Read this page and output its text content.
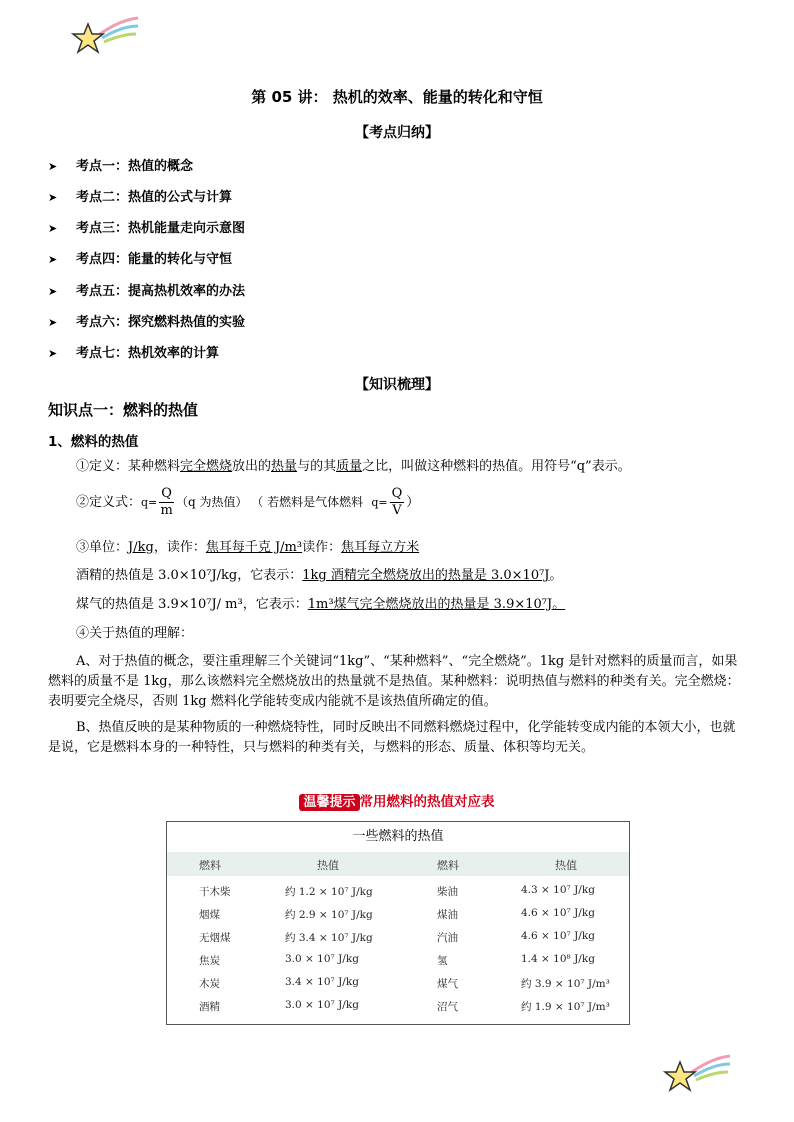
第 05 讲： 热机的效率、能量的转化和守恒
【考点归纳】
➤ 考点一：热值的概念
➤ 考点二：热值的公式与计算
➤ 考点三：热机能量走向示意图
➤ 考点四：能量的转化与守恒
➤ 考点五：提高热机效率的办法
➤ 考点六：探究燃料热值的实验
➤ 考点七：热机效率的计算
【知识梳理】
知识点一：燃料的热值
1、燃料的热值
①定义：某种燃料完全燃烧放出的热量与的其质量之比，叫做这种燃料的热值。用符号“q”表示。
②定义式：$q= \frac{Q}{m} (q$ 为热值） （ 若燃料是气体燃料 $q= \frac{Q}{V}$ ）
③单位：J/kg，读作：焦耳每千克 J/m³读作：焦耳每立方米
酒精的热值是 3.0×10⁷J/kg，它表示：1kg 酒精完全燃烧放出的热量是 3.0×10⁷J。
煤气的热值是 3.9×10⁷J/ m³，它表示：1m³煤气完全燃烧放出的热量是 3.9×10⁷J。
④关于热值的理解：
A、对于热值的概念，要注重理解三个关键词“1kg”、“某种燃料”、“完全燃烧”。1kg 是针对燃料的质量而言，如果燃料的质量不是 1kg，那么该燃料完全燃烧放出的热量就不是热值。某种燃料：说明热值与燃料的种类有关。完全燃烧：表明要完全烧尽，否则 1kg 燃料化学能转变成内能就不是该热值所确定的值。
B、热值反映的是某种物质的一种燃烧特性，同时反映出不同燃料燃烧过程中，化学能转变成内能的本领大小，也就是说，它是燃料本身的一种特性，只与燃料的种类有关，与燃料的形态、质量、体积等均无关。
温馨提示 常用燃料的热值对应表
一些燃料的热值
燃料	热值	燃料	热值
干木柴	约 1.2 × 10⁷ J/kg	柴油	4.3 × 10⁷ J/kg
烟煤	约 2.9 × 10⁷ J/kg	煤油	4.6 × 10⁷ J/kg
无烟煤	约 3.4 × 10⁷ J/kg	汽油	4.6 × 10⁷ J/kg
焦炭	3.0 × 10⁷ J/kg	氢	1.4 × 10⁸ J/kg
木炭	3.4 × 10⁷ J/kg	煤气	约 3.9 × 10⁷ J/m³
酒精	3.0 × 10⁷ J/kg	沼气	约 1.9 × 10⁷ J/m³
